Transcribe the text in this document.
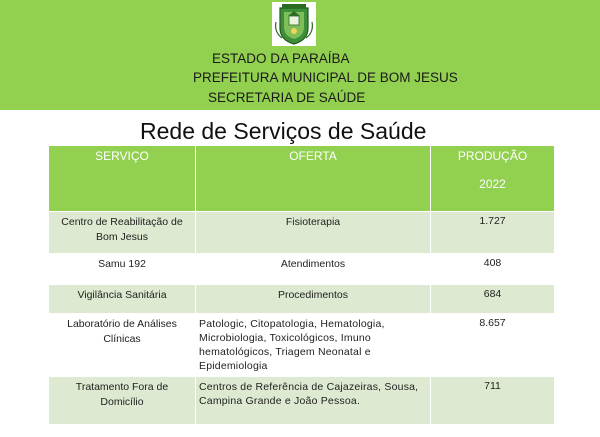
ESTADO DA PARAÍBA
PREFEITURA MUNICIPAL DE BOM JESUS
SECRETARIA DE SAÚDE
Rede de Serviços de Saúde
SERVIÇO	OFERTA	PRODUÇÃO
2022

Centro de Reabilitação de Bom Jesus	Fisioterapia	1.727
Samu 192	Atendimentos	408
Vigilância Sanitária	Procedimentos	684
Laboratório de Análises Clínicas	Patologic, Citopatologia, Hematologia, Microbiologia, Toxicológicos, Imuno hematológicos, Triagem Neonatal e Epidemiologia	8.657
Tratamento Fora de Domicílio	Centros de Referência de Cajazeiras, Sousa, Campina Grande e João Pessoa.	711
